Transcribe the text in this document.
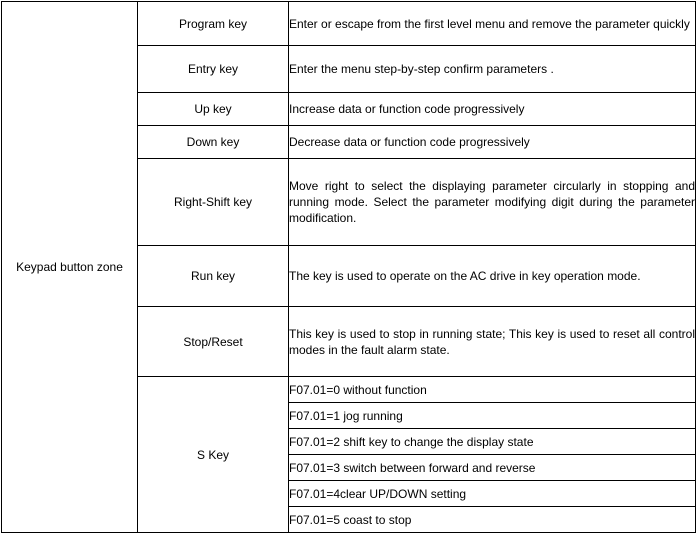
Keypad button zone	Program key	Enter or escape from the first level menu and remove the parameter quickly
	Entry key	Enter the menu step-by-step confirm parameters .
	Up key	Increase data or function code progressively
	Down key	Decrease data or function code progressively
	Right-Shift key	Move right to select the displaying parameter circularly in stopping and running mode. Select the parameter modifying digit during the parameter modification.
	Run key	The key is used to operate on the AC drive in key operation mode.
	Stop/Reset	This key is used to stop in running state; This key is used to reset all control modes in the fault alarm state.
	S Key	F07.01=0 without function
		F07.01=1 jog running
		F07.01=2 shift key to change the display state
		F07.01=3 switch between forward and reverse
		F07.01=4clear UP/DOWN setting
		F07.01=5 coast to stop
